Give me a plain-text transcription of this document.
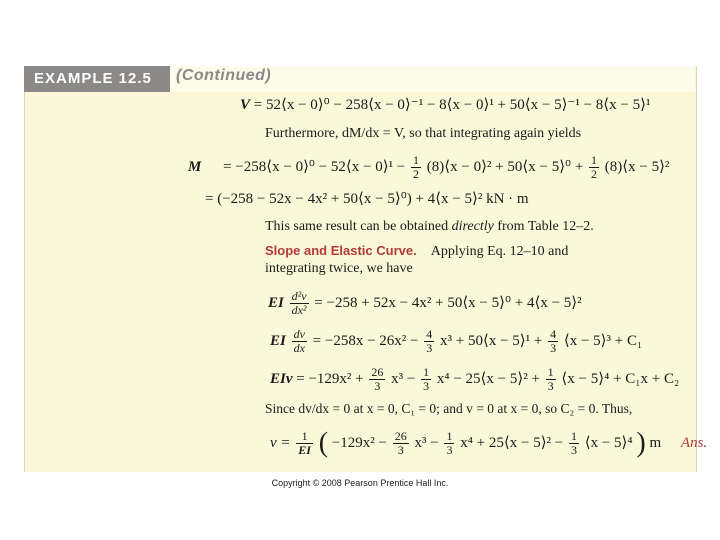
EXAMPLE 12.5	(Continued)
V = 52⟨x − 0⟩⁰ − 258⟨x − 0⟩⁻¹ − 8⟨x − 0⟩¹ + 50⟨x − 5⟩⁻¹ − 8⟨x − 5⟩¹
Furthermore, dM/dx = V, so that integrating again yields
M = −258⟨x − 0⟩⁰ − 52⟨x − 0⟩¹ − $\frac{1}{2}$ (8)⟨x − 0⟩² + 50⟨x − 5⟩⁰ + $\frac{1}{2}$ (8)⟨x − 5⟩²
= (−258 − 52x − 4x² + 50⟨x − 5⟩⁰) + 4⟨x − 5⟩² kN · m
This same result can be obtained directly from Table 12–2.
Slope and Elastic Curve. Applying Eq. 12–10 and
integrating twice, we have
EI $\frac{\text{d²v}}{\text{dx²}} = -258 + 52x - 4x^2$ + 50⟨x − 5⟩⁰ + 4⟨x − 5⟩²
EI $\frac{dv}{dx} = -258x - 26x^2 - \frac{4}{3} x^3$ + 50⟨x − 5⟩¹ + $\frac{4}{3}$ ⟨x − 5⟩³ + C₁
EIv = $-129x^2 + \frac{26}{3} x^3 - \frac{1}{3} x^4$ − 25⟨x − 5⟩² + $\frac{1}{3}$ ⟨x − 5⟩⁴ + C₁x + C₂
Since dv/dx = 0 at x = 0, C₁ = 0; and v = 0 at x = 0, so C₂ = 0. Thus,
$v = \frac{1}{EI}$ ( $-129x^2 - \frac{26}{3} x^3 - \frac{1}{3} x^4$ + 25⟨x − 5⟩² − $\frac{1}{3}$ ⟨x − 5⟩⁴ ) m Ans.
Copyright © 2008 Pearson Prentice Hall Inc.
